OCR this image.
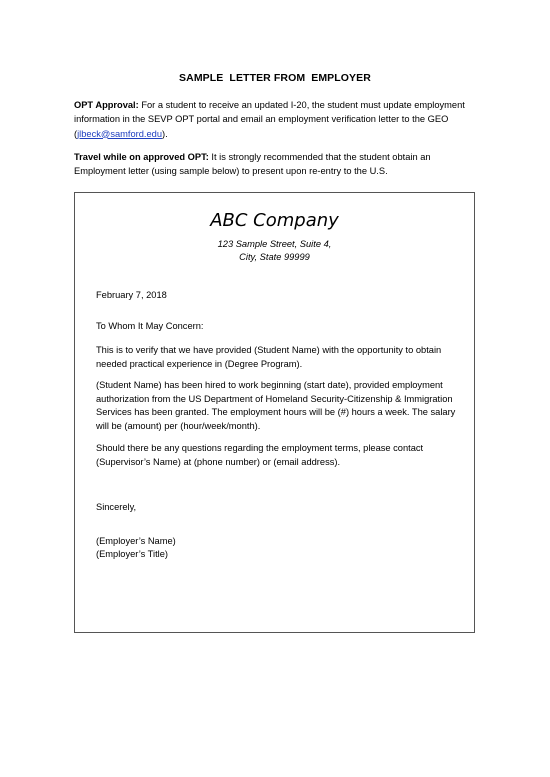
SAMPLE  LETTER FROM  EMPLOYER
OPT Approval: For a student to receive an updated I-20, the student must update employment information in the SEVP OPT portal and email an employment verification letter to the GEO (jlbeck@samford.edu).
Travel while on approved OPT: It is strongly recommended that the student obtain an Employment letter (using sample below) to present upon re-entry to the U.S.
ABC Company
123 Sample Street, Suite 4,
City, State 99999
February 7, 2018
To Whom It May Concern:
This is to verify that we have provided (Student Name) with the opportunity to obtain needed practical experience in (Degree Program).
(Student Name) has been hired to work beginning (start date), provided employment authorization from the US Department of Homeland Security-Citizenship & Immigration Services has been granted. The employment hours will be (#) hours a week. The salary will be (amount) per (hour/week/month).
Should there be any questions regarding the employment terms, please contact (Supervisor’s Name) at (phone number) or (email address).
Sincerely,
(Employer’s Name)
(Employer’s Title)
